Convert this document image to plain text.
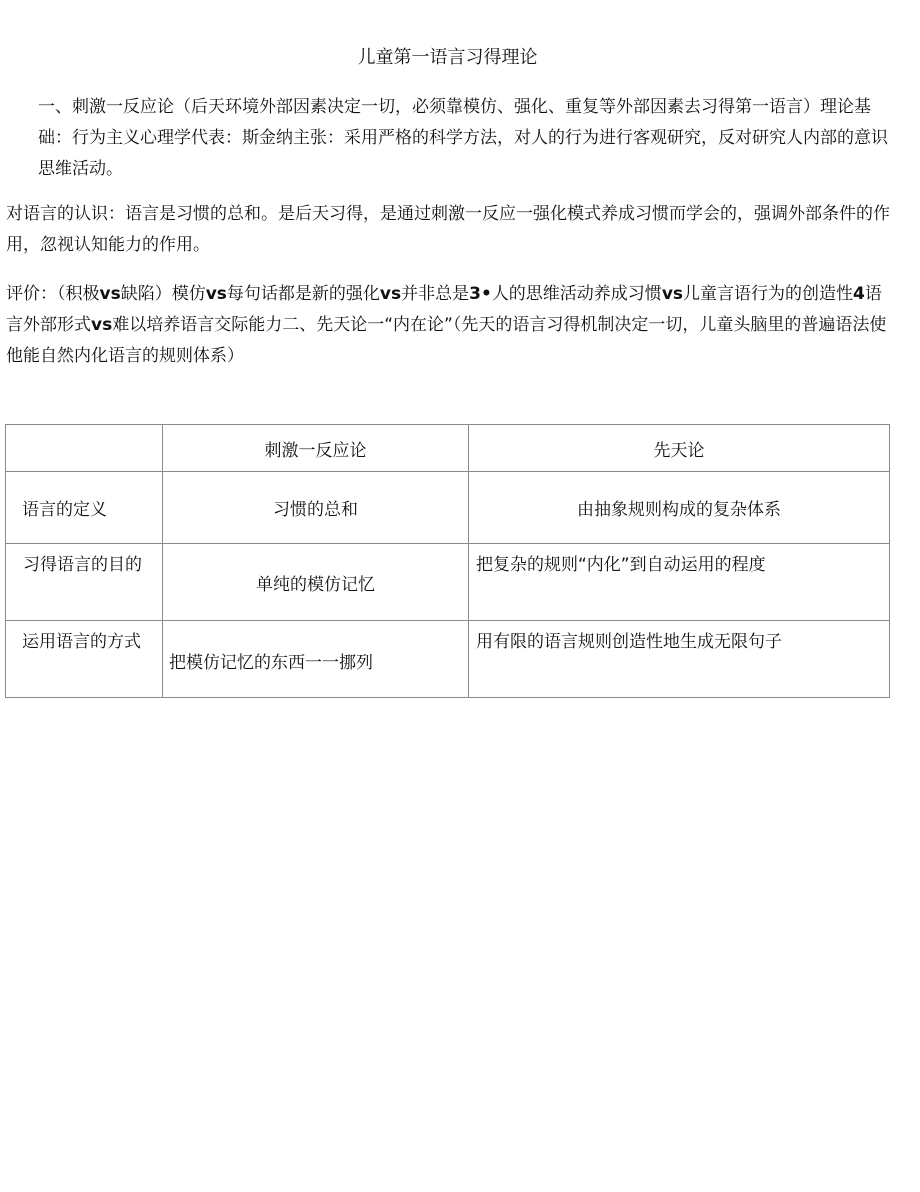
儿童第一语言习得理论

一、刺激一反应论（后天环境外部因素决定一切，必须靠模仿、强化、重复等外部因素去习得第一语言）理论基础：行为主义心理学代表：斯金纳主张：采用严格的科学方法，对人的行为进行客观研究，反对研究人内部的意识思维活动。

对语言的认识：语言是习惯的总和。是后天习得，是通过刺激一反应一强化模式养成习惯而学会的，强调外部条件的作用，忽视认知能力的作用。

评价：（积极vs缺陷）模仿vs每句话都是新的强化vs并非总是3•人的思维活动养成习惯vs儿童言语行为的创造性4语言外部形式vs难以培养语言交际能力二、先天论一“内在论”（先天的语言习得机制决定一切，儿童头脑里的普遍语法使他能自然内化语言的规则体系）

	刺激一反应论	先天论
语言的定义	习惯的总和	由抽象规则构成的复杂体系

习得语言的目的	单纯的模仿记忆	把复杂的规则“内化”到自动运用的程度

运用语言的方式	把模仿记忆的东西一一挪列	用有限的语言规则创造性地生成无限句子
